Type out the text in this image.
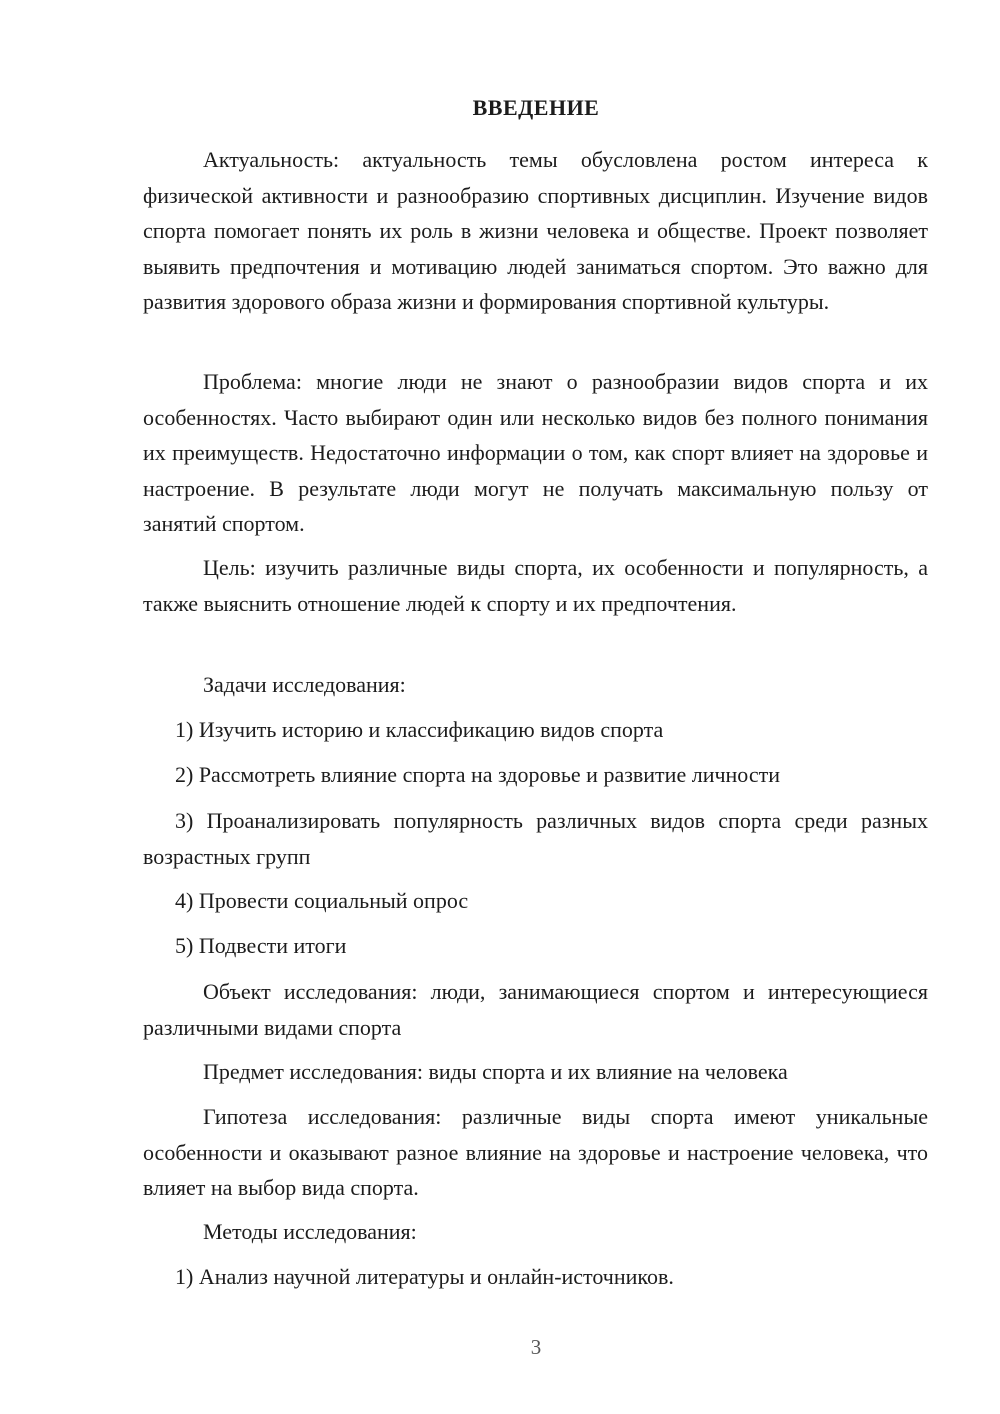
ВВЕДЕНИЕ

Актуальность: актуальность темы обусловлена ростом интереса к физической активности и разнообразию спортивных дисциплин. Изучение видов спорта помогает понять их роль в жизни человека и обществе. Проект позволяет выявить предпочтения и мотивацию людей заниматься спортом. Это важно для развития здорового образа жизни и формирования спортивной культуры.

Проблема: многие люди не знают о разнообразии видов спорта и их особенностях. Часто выбирают один или несколько видов без полного понимания их преимуществ. Недостаточно информации о том, как спорт влияет на здоровье и настроение. В результате люди могут не получать максимальную пользу от занятий спортом.

Цель: изучить различные виды спорта, их особенности и популярность, а также выяснить отношение людей к спорту и их предпочтения.

Задачи исследования:

1) Изучить историю и классификацию видов спорта

2) Рассмотреть влияние спорта на здоровье и развитие личности

3) Проанализировать популярность различных видов спорта среди разных возрастных групп

4) Провести социальный опрос

5) Подвести итоги

Объект исследования: люди, занимающиеся спортом и интересующиеся различными видами спорта

Предмет исследования: виды спорта и их влияние на человека

Гипотеза исследования: различные виды спорта имеют уникальные особенности и оказывают разное влияние на здоровье и настроение человека, что влияет на выбор вида спорта.

Методы исследования:

1) Анализ научной литературы и онлайн-источников.

3
